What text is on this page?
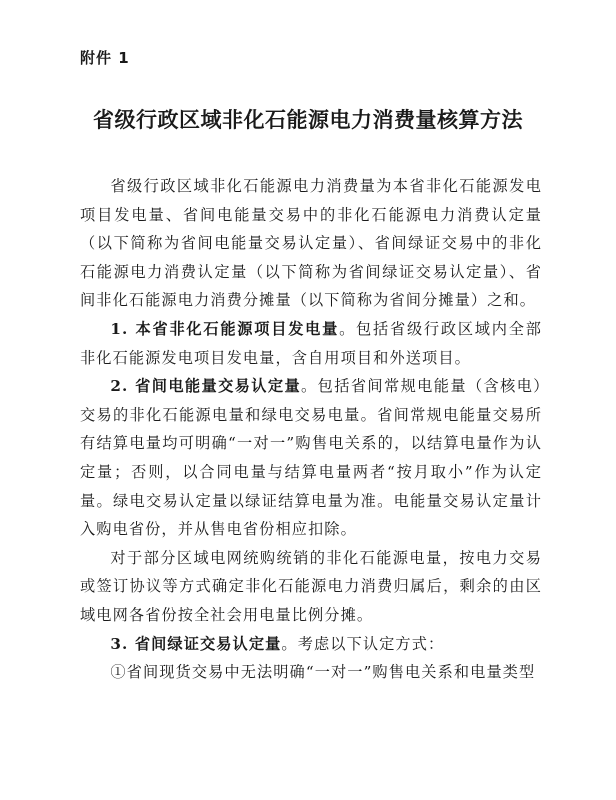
附件 1
省级行政区域非化石能源电力消费量核算方法

省级行政区域非化石能源电力消费量为本省非化石能源发电项目发电量、省间电能量交易中的非化石能源电力消费认定量（以下简称为省间电能量交易认定量）、省间绿证交易中的非化石能源电力消费认定量（以下简称为省间绿证交易认定量）、省间非化石能源电力消费分摊量（以下简称为省间分摊量）之和。

1. 本省非化石能源项目发电量。包括省级行政区域内全部非化石能源发电项目发电量，含自用项目和外送项目。

2. 省间电能量交易认定量。包括省间常规电能量（含核电）交易的非化石能源电量和绿电交易电量。省间常规电能量交易所有结算电量均可明确“一对一”购售电关系的，以结算电量作为认定量；否则，以合同电量与结算电量两者“按月取小”作为认定量。绿电交易认定量以绿证结算电量为准。电能量交易认定量计入购电省份，并从售电省份相应扣除。

对于部分区域电网统购统销的非化石能源电量，按电力交易或签订协议等方式确定非化石能源电力消费归属后，剩余的由区域电网各省份按全社会用电量比例分摊。

3. 省间绿证交易认定量。考虑以下认定方式：

①省间现货交易中无法明确“一对一”购售电关系和电量类型
